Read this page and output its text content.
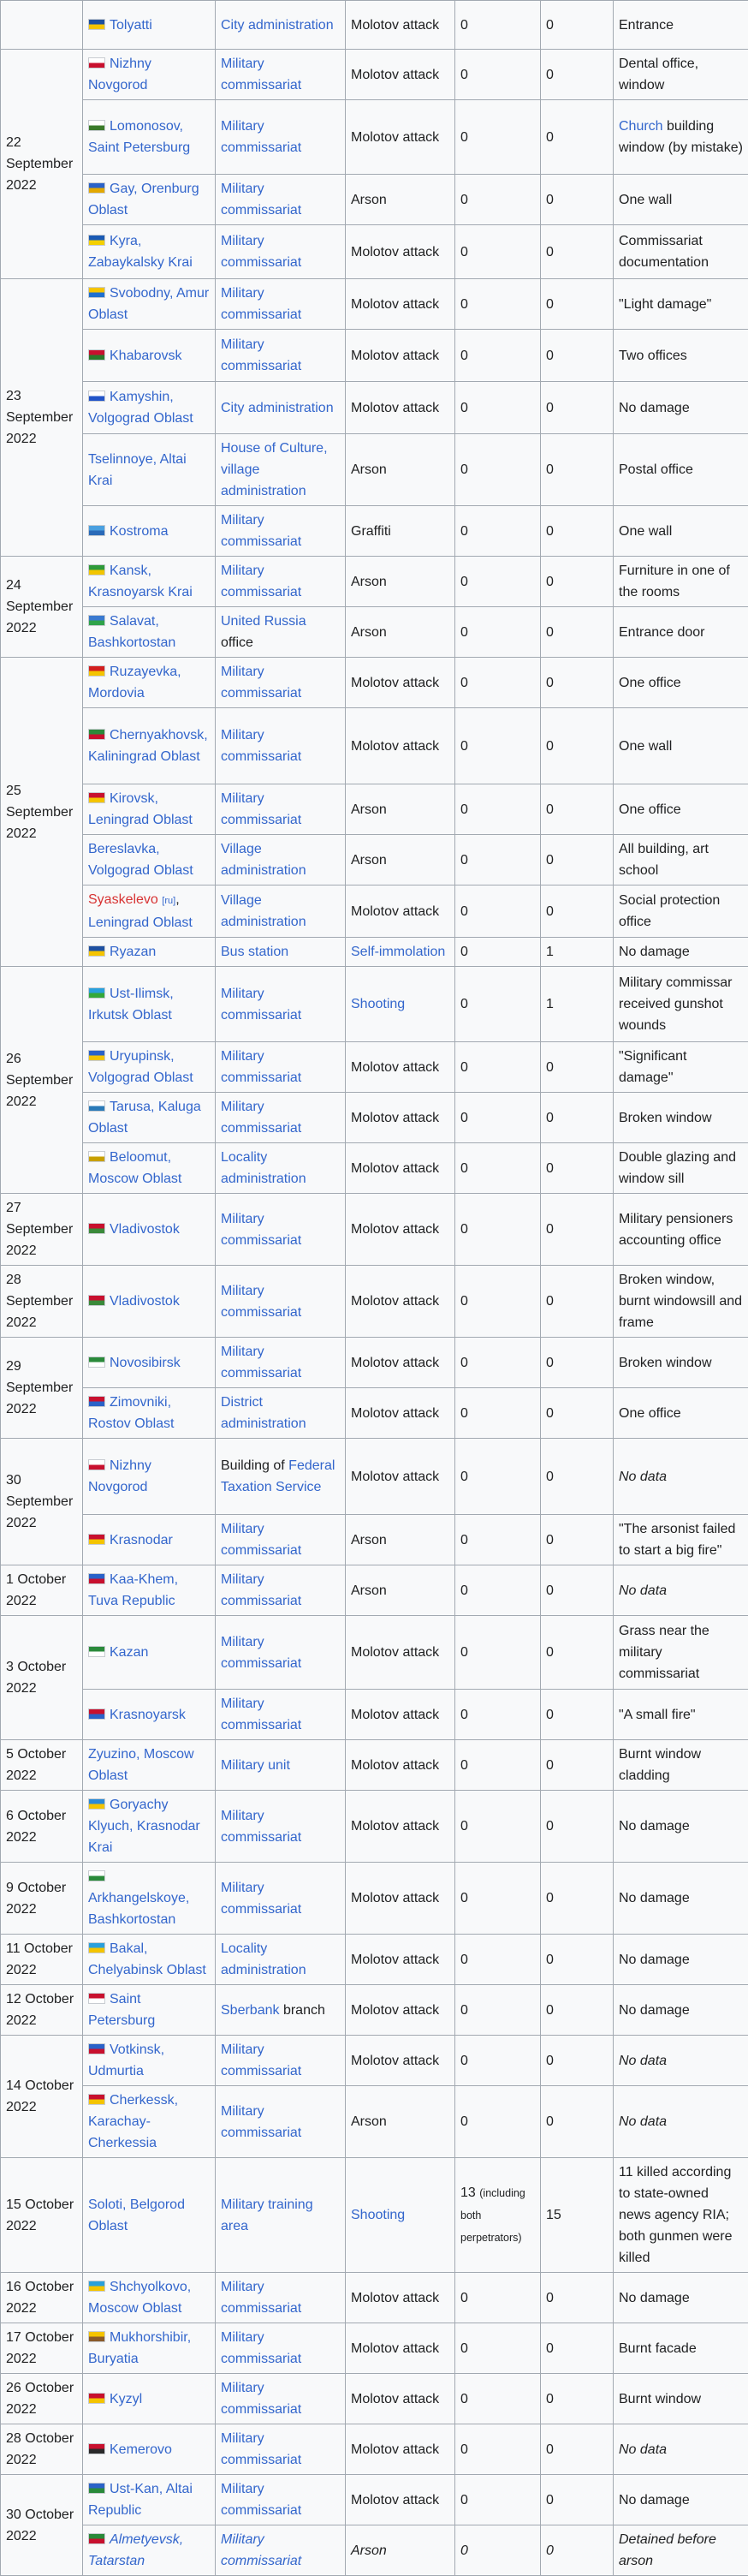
	Tolyatti	City administration	Molotov attack	0	0	Entrance
22 September 2022	Nizhny Novgorod	Military commissariat	Molotov attack	0	0	Dental office, window
	Lomonosov, Saint Petersburg	Military commissariat	Molotov attack	0	0	Church building window (by mistake)
	Gay, Orenburg Oblast	Military commissariat	Arson	0	0	One wall
	Kyra, Zabaykalsky Krai	Military commissariat	Molotov attack	0	0	Commissariat documentation
23 September 2022	Svobodny, Amur Oblast	Military commissariat	Molotov attack	0	0	"Light damage"
	Khabarovsk	Military commissariat	Molotov attack	0	0	Two offices
	Kamyshin, Volgograd Oblast	City administration	Molotov attack	0	0	No damage
	Tselinnoye, Altai Krai	House of Culture, village administration	Arson	0	0	Postal office
	Kostroma	Military commissariat	Graffiti	0	0	One wall
24 September 2022	Kansk, Krasnoyarsk Krai	Military commissariat	Arson	0	0	Furniture in one of the rooms
	Salavat, Bashkortostan	United Russia office	Arson	0	0	Entrance door
25 September 2022	Ruzayevka, Mordovia	Military commissariat	Molotov attack	0	0	One office
	Chernyakhovsk, Kaliningrad Oblast	Military commissariat	Molotov attack	0	0	One wall
	Kirovsk, Leningrad Oblast	Military commissariat	Arson	0	0	One office
	Bereslavka, Volgograd Oblast	Village administration	Arson	0	0	All building, art school
	Syaskelevo [ru], Leningrad Oblast	Village administration	Molotov attack	0	0	Social protection office
	Ryazan	Bus station	Self-immolation	0	1	No damage
26 September 2022	Ust-Ilimsk, Irkutsk Oblast	Military commissariat	Shooting	0	1	Military commissar received gunshot wounds
	Uryupinsk, Volgograd Oblast	Military commissariat	Molotov attack	0	0	"Significant damage"
	Tarusa, Kaluga Oblast	Military commissariat	Molotov attack	0	0	Broken window
	Beloomut, Moscow Oblast	Locality administration	Molotov attack	0	0	Double glazing and window sill
27 September 2022	Vladivostok	Military commissariat	Molotov attack	0	0	Military pensioners accounting office
28 September 2022	Vladivostok	Military commissariat	Molotov attack	0	0	Broken window, burnt windowsill and frame
29 September 2022	Novosibirsk	Military commissariat	Molotov attack	0	0	Broken window
	Zimovniki, Rostov Oblast	District administration	Molotov attack	0	0	One office
30 September 2022	Nizhny Novgorod	Building of Federal Taxation Service	Molotov attack	0	0	No data
	Krasnodar	Military commissariat	Arson	0	0	"The arsonist failed to start a big fire"
1 October 2022	Kaa-Khem, Tuva Republic	Military commissariat	Arson	0	0	No data
3 October 2022	Kazan	Military commissariat	Molotov attack	0	0	Grass near the military commissariat
	Krasnoyarsk	Military commissariat	Molotov attack	0	0	"A small fire"
5 October 2022	Zyuzino, Moscow Oblast	Military unit	Molotov attack	0	0	Burnt window cladding
6 October 2022	Goryachy Klyuch, Krasnodar Krai	Military commissariat	Molotov attack	0	0	No damage
9 October 2022	Arkhangelskoye, Bashkortostan	Military commissariat	Molotov attack	0	0	No damage
11 October 2022	Bakal, Chelyabinsk Oblast	Locality administration	Molotov attack	0	0	No damage
12 October 2022	Saint Petersburg	Sberbank branch	Molotov attack	0	0	No damage
14 October 2022	Votkinsk, Udmurtia	Military commissariat	Molotov attack	0	0	No data
	Cherkessk, Karachay-Cherkessia	Military commissariat	Arson	0	0	No data
15 October 2022	Soloti, Belgorod Oblast	Military training area	Shooting	13 (including both perpetrators)	15	11 killed according to state-owned news agency RIA; both gunmen were killed
16 October 2022	Shchyolkovo, Moscow Oblast	Military commissariat	Molotov attack	0	0	No damage
17 October 2022	Mukhorshibir, Buryatia	Military commissariat	Molotov attack	0	0	Burnt facade
26 October 2022	Kyzyl	Military commissariat	Molotov attack	0	0	Burnt window
28 October 2022	Kemerovo	Military commissariat	Molotov attack	0	0	No data
30 October 2022	Ust-Kan, Altai Republic	Military commissariat	Molotov attack	0	0	No damage
	Almetyevsk, Tatarstan	Military commissariat	Arson	0	0	Detained before arson
